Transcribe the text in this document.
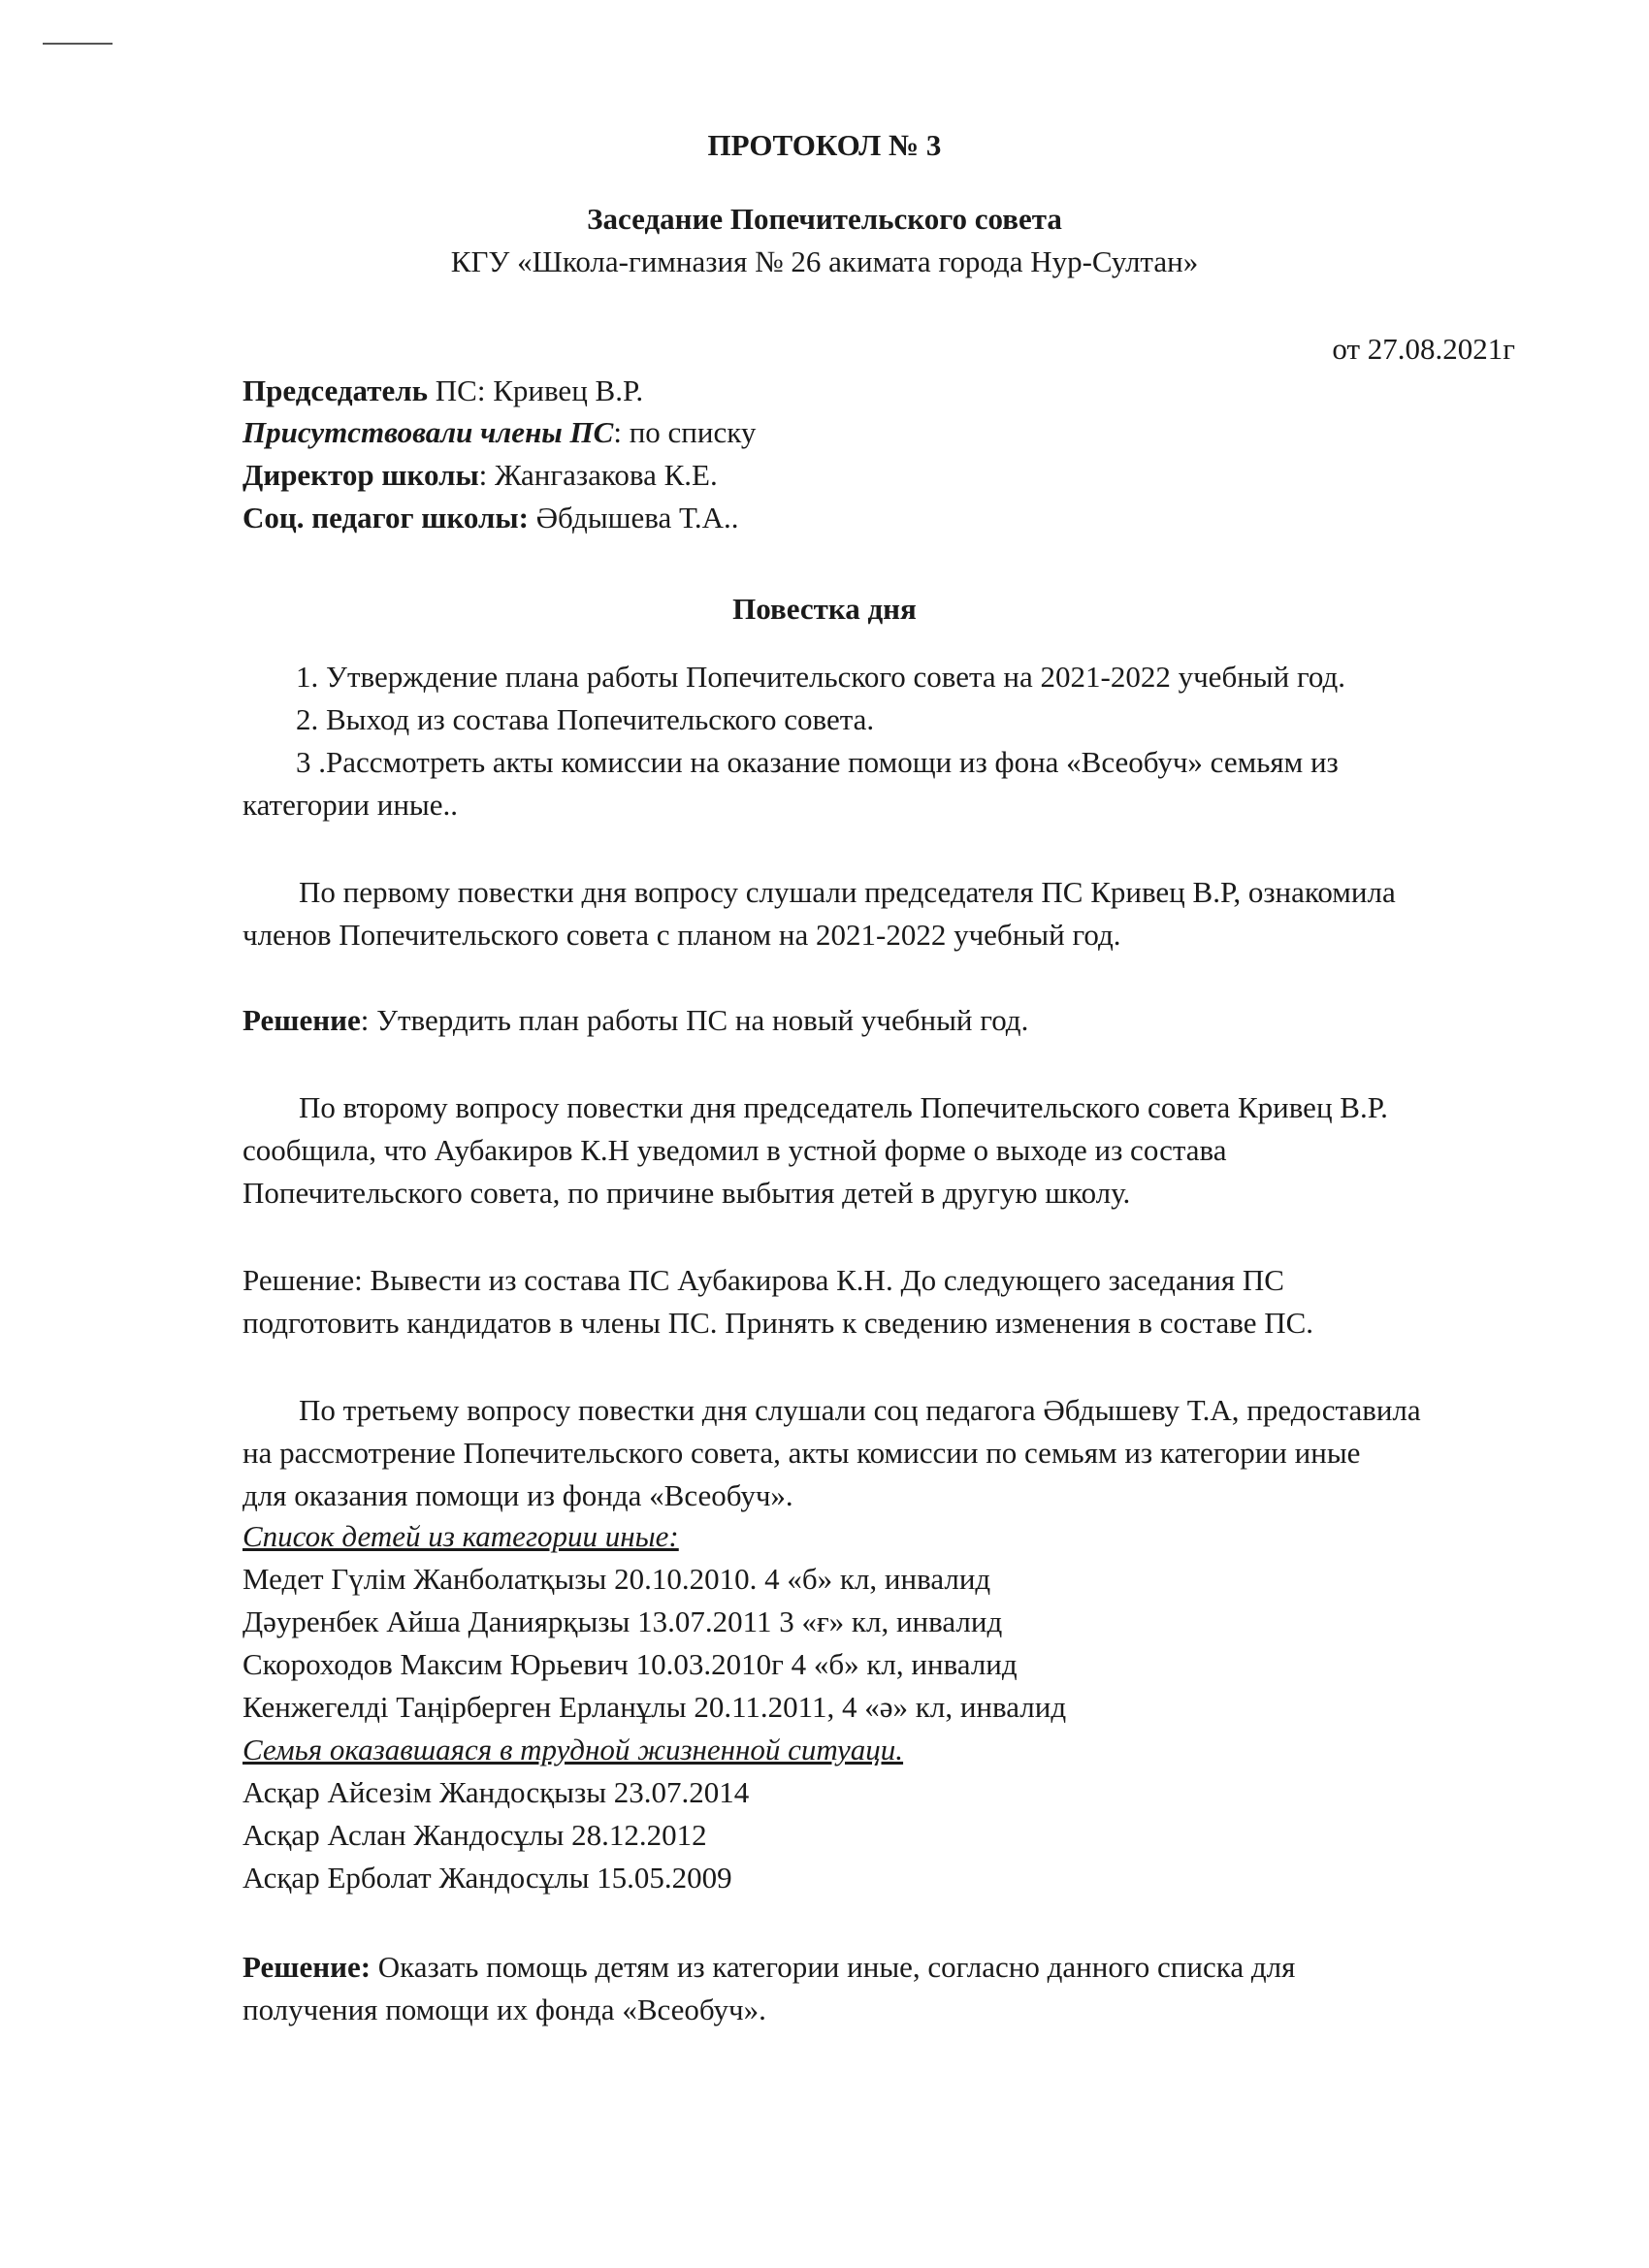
ПРОТОКОЛ № 3
Заседание Попечительского совета
КГУ «Школа-гимназия № 26 акимата города Нур-Султан»
от 27.08.2021г
Председатель ПС: Кривец В.Р.
Присутствовали члены ПС: по списку
Директор школы: Жангазакова К.Е.
Соц. педагог школы: Әбдышева Т.А..
Повестка дня
1. Утверждение плана работы Попечительского совета на 2021-2022 учебный год.
2. Выход из состава Попечительского совета.
3 .Рассмотреть акты комиссии на оказание помощи из фона «Всеобуч» семьям из
категории иные..
По первому повестки дня вопросу слушали председателя ПС Кривец В.Р, ознакомила
членов Попечительского совета с планом на 2021-2022 учебный год.
Решение: Утвердить план работы ПС на новый учебный год.
По второму вопросу повестки дня председатель Попечительского совета Кривец В.Р.
сообщила, что Аубакиров К.Н уведомил в устной форме о выходе из состава
Попечительского совета, по причине выбытия детей в другую школу.
Решение: Вывести из состава ПС Аубакирова К.Н. До следующего заседания ПС
подготовить кандидатов в члены ПС. Принять к сведению изменения в составе ПС.
По третьему вопросу повестки дня слушали соц педагога Әбдышеву Т.А, предоставила
на рассмотрение Попечительского совета, акты комиссии по семьям из категории иные
для оказания помощи из фонда «Всеобуч».
Список детей из категории иные:
Медет Гүлім Жанболатқызы 20.10.2010. 4 «б» кл, инвалид
Дәуренбек Айша Даниярқызы 13.07.2011 3 «ғ» кл, инвалид
Скороходов Максим Юрьевич 10.03.2010г 4 «б» кл, инвалид
Кенжегелді Таңірберген Ерланұлы 20.11.2011, 4 «ә» кл, инвалид
Семья оказавшаяся в трудной жизненной ситуаци.
Асқар Айсезім Жандосқызы 23.07.2014
Асқар Аслан Жандосұлы 28.12.2012
Асқар Ерболат Жандосұлы 15.05.2009
Решение: Оказать помощь детям из категории иные, согласно данного списка для
получения помощи их фонда «Всеобуч».
